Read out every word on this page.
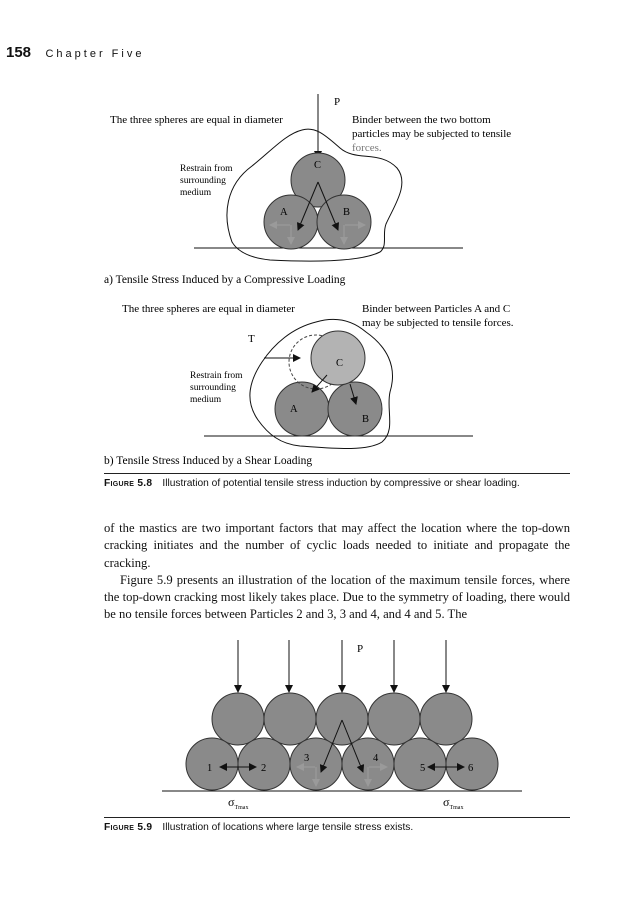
158 Chapter Five
The three spheres are equal in diameter
P
Binder between the two bottom
particles may be subjected to tensile
forces.
Restrain from
surrounding
medium
C
A	B
a) Tensile Stress Induced by a Compressive Loading
The three spheres are equal in diameter	Binder between Particles A and C
may be subjected to tensile forces.
T
Restrain from
surrounding
medium
C
A
B
b) Tensile Stress Induced by a Shear Loading
Figure 5.8 Illustration of potential tensile stress induction by compressive or shear loading.

of the mastics are two important factors that may affect the location where the top-down cracking initiates and the number of cyclic loads needed to initiate and propagate the cracking.

Figure 5.9 presents an illustration of the location of the maximum tensile forces, where the top-down cracking most likely takes place. Due to the symmetry of loading, there would be no tensile forces between Particles 2 and 3, 3 and 4, and 4 and 5. The

P
1	2
3	4
5	6
$\sigma_{Tmax}$	$\sigma_{Tmax}$
Figure 5.9 Illustration of locations where large tensile stress exists.
